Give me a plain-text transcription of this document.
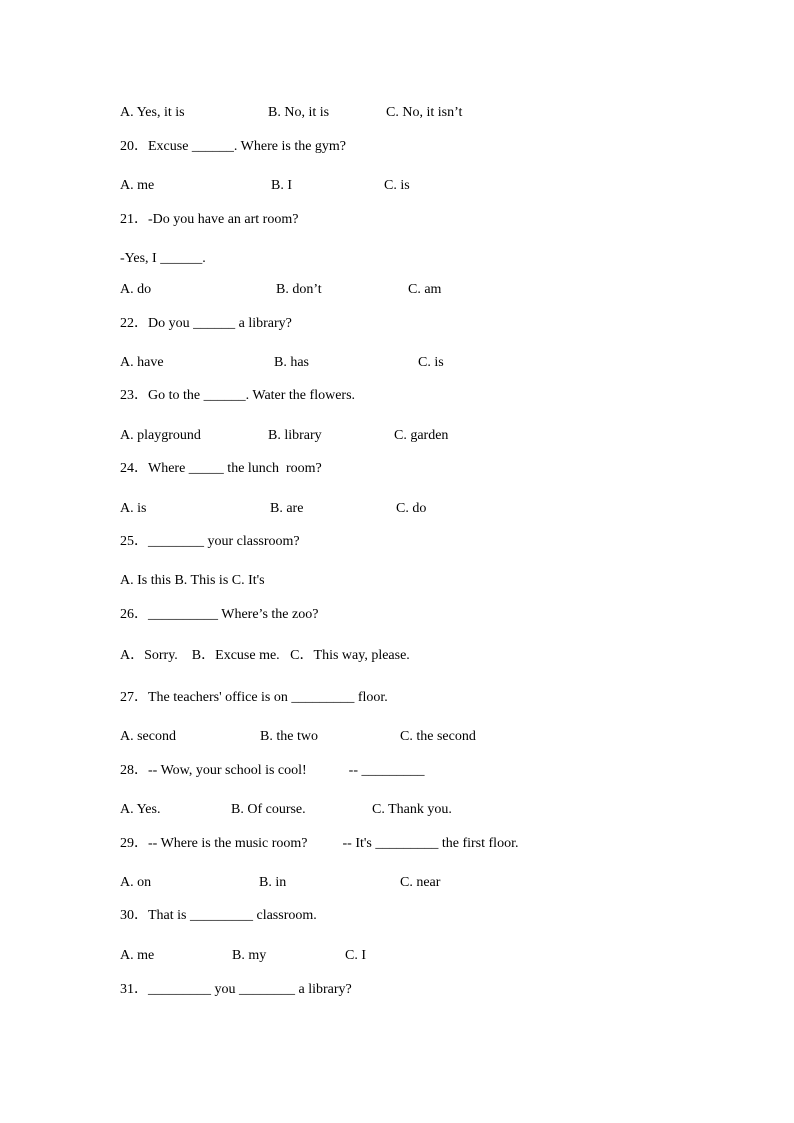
A. Yes, it is	B. No, it is	C. No, it isn’t
20．Excuse ______. Where is the gym?
A. me	B. I	C. is
21．-Do you have an art room?
-Yes, I ______.
A. do	B. don’t	C. am
22．Do you ______ a library?
A. have	B. has	C. is
23．Go to the ______. Water the flowers.
A. playground	B. library	C. garden
24．Where _____ the lunch  room?
A. is	B. are	C. do
25．________ your classroom?
A. Is this B. This is C. It's
26．__________ Where’s the zoo?
A．Sorry.    B．Excuse me.   C．This way, please.
27．The teachers' office is on _________ floor.
A. second	B. the two	C. the second
28．-- Wow, your school is cool!            -- _________
A. Yes.	B. Of course.	C. Thank you.
29．-- Where is the music room?          -- It's _________ the first floor.
A. on	B. in	C. near
30．That is _________ classroom.
A. me	B. my	C. I
31．_________ you ________ a library?
